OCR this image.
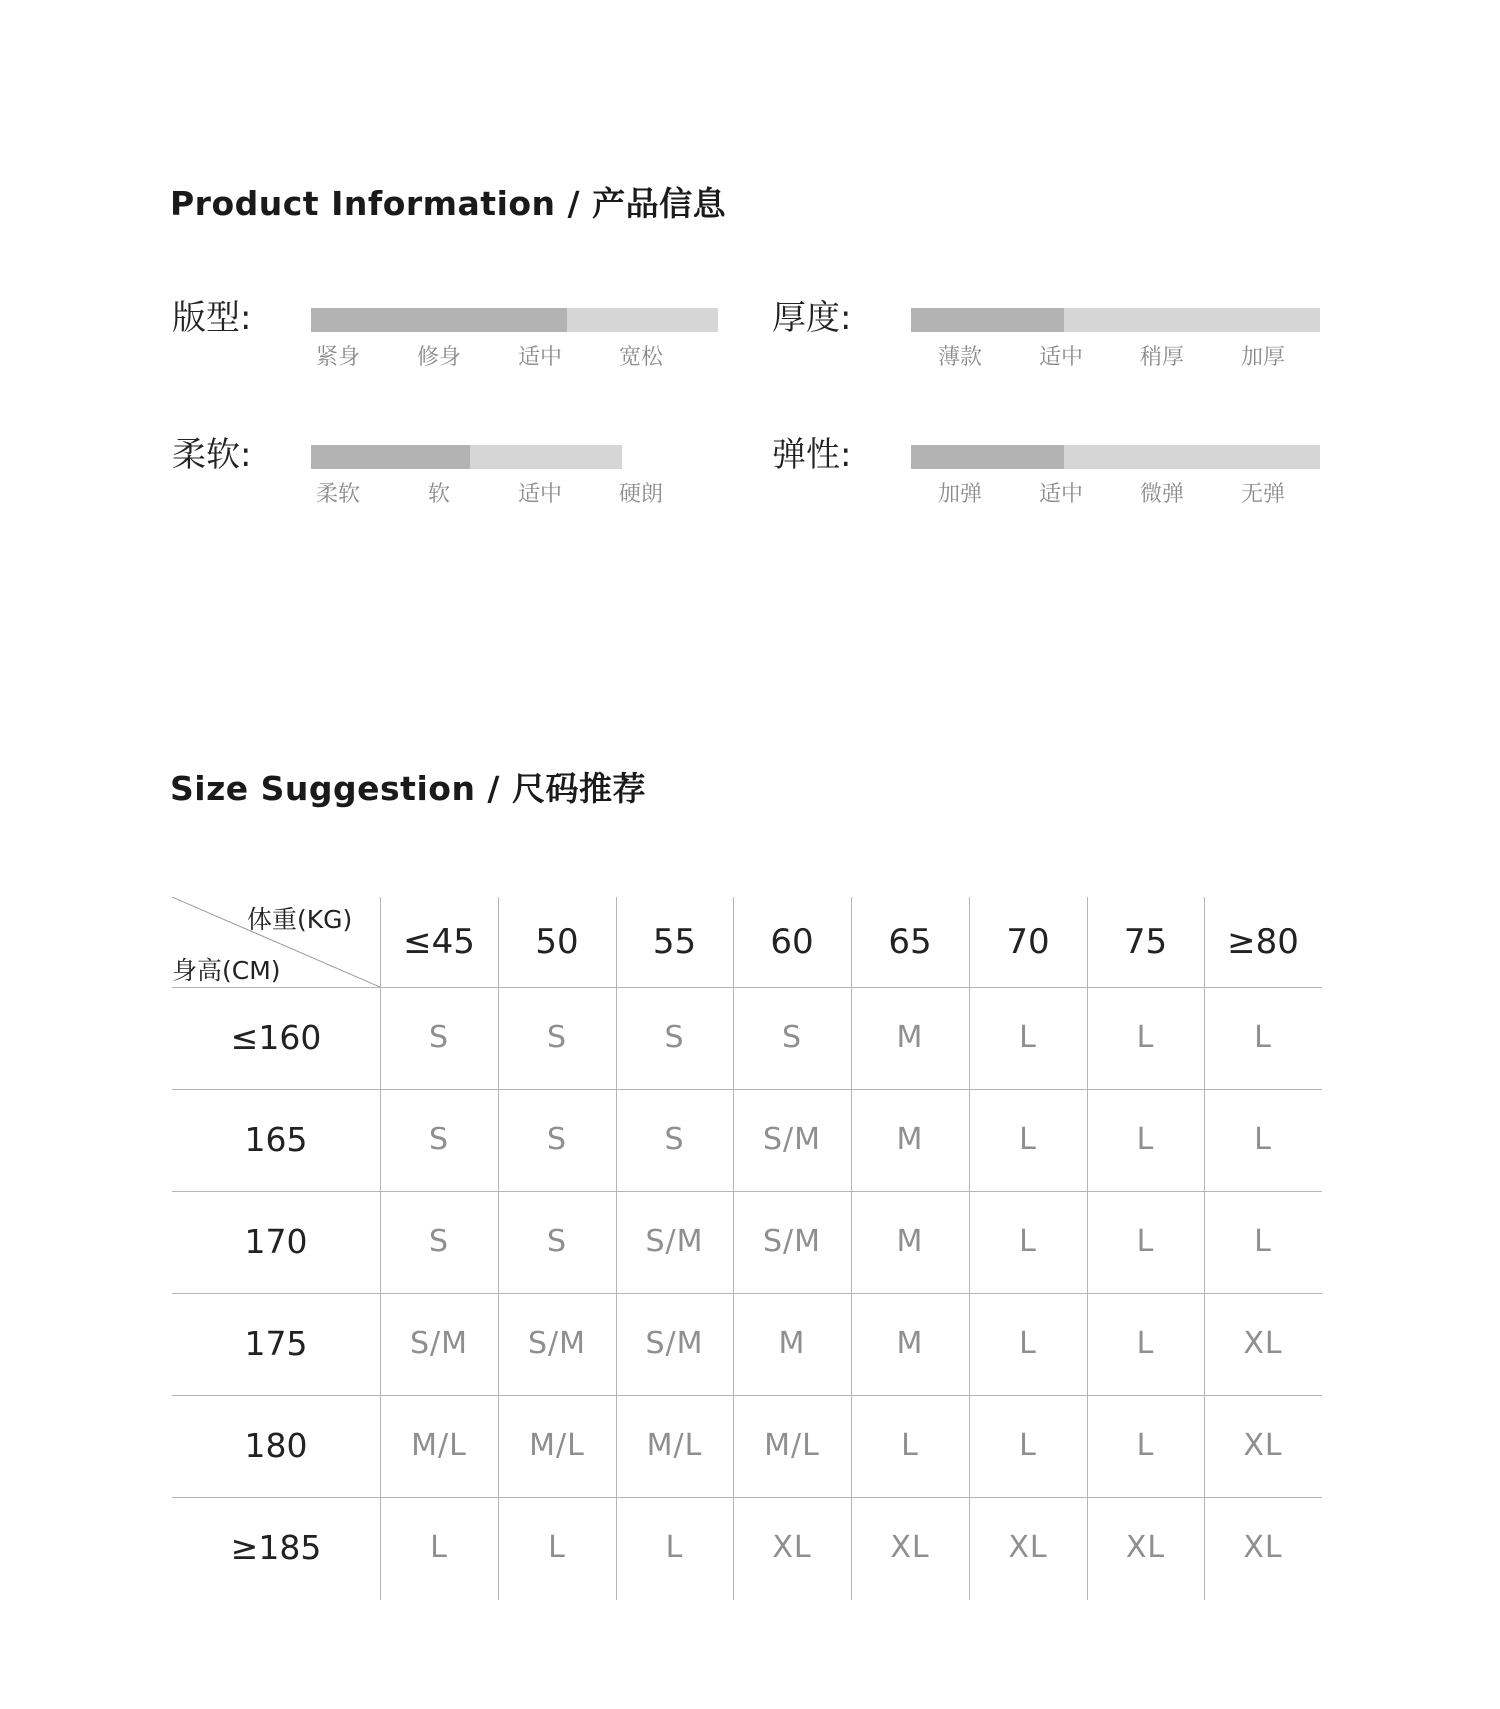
Product Information / 产品信息
版型:
紧身	修身	适中	宽松
厚度:
薄款	适中	稍厚	加厚
柔软:
柔软	软	适中	硬朗
弹性:
加弹	适中	微弹	无弹
Size Suggestion / 尺码推荐
体重(KG)
身高(CM)
≤45	50	55	60	65	70	75	≥80
≤160	S	S	S	S	M	L	L	L
165	S	S	S	S/M	M	L	L	L
170	S	S	S/M	S/M	M	L	L	L
175	S/M	S/M	S/M	M	M	L	L	XL
180	M/L	M/L	M/L	M/L	L	L	L	XL
≥185	L	L	L	XL	XL	XL	XL	XL
